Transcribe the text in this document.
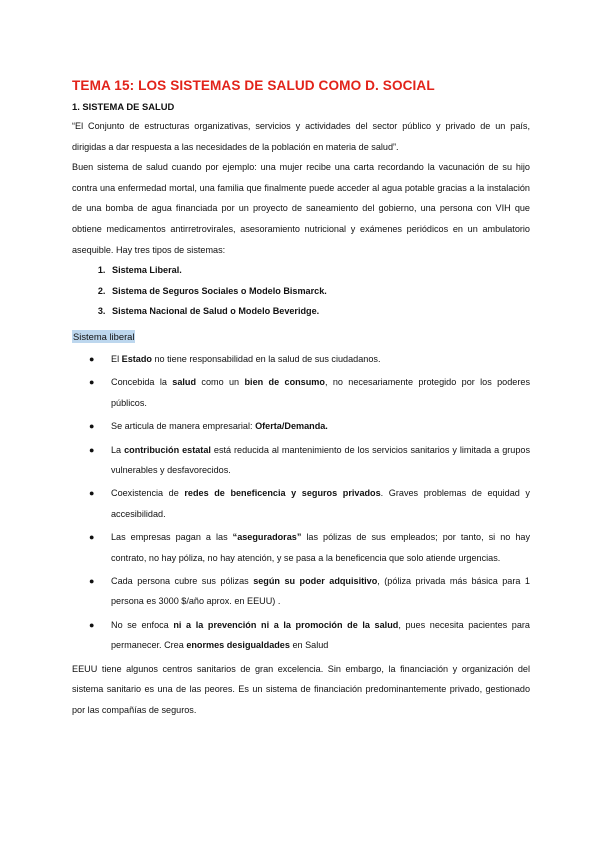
TEMA 15: LOS SISTEMAS DE SALUD COMO D. SOCIAL
1. SISTEMA DE SALUD

“El Conjunto de estructuras organizativas, servicios y actividades del sector público y privado de un país, dirigidas a dar respuesta a las necesidades de la población en materia de salud”.

Buen sistema de salud cuando por ejemplo: una mujer recibe una carta recordando la vacunación de su hijo contra una enfermedad mortal, una familia que finalmente puede acceder al agua potable gracias a la instalación de una bomba de agua financiada por un proyecto de saneamiento del gobierno, una persona con VIH que obtiene medicamentos antirretrovirales, asesoramiento nutricional y exámenes periódicos en un ambulatorio asequible. Hay tres tipos de sistemas:

1. Sistema Liberal.
2. Sistema de Seguros Sociales o Modelo Bismarck.
3. Sistema Nacional de Salud o Modelo Beveridge.
Sistema liberal
● El Estado no tiene responsabilidad en la salud de sus ciudadanos.
● Concebida la salud como un bien de consumo, no necesariamente protegido por los poderes públicos.
● Se articula de manera empresarial: Oferta/Demanda.
● La contribución estatal está reducida al mantenimiento de los servicios sanitarios y limitada a grupos vulnerables y desfavorecidos.
● Coexistencia de redes de beneficencia y seguros privados. Graves problemas de equidad y accesibilidad.
● Las empresas pagan a las “aseguradoras” las pólizas de sus empleados; por tanto, si no hay contrato, no hay póliza, no hay atención, y se pasa a la beneficencia que solo atiende urgencias.
● Cada persona cubre sus pólizas según su poder adquisitivo, (póliza privada más básica para 1 persona es 3000 $/año aprox. en EEUU) .
● No se enfoca ni a la prevención ni a la promoción de la salud, pues necesita pacientes para permanecer. Crea enormes desigualdades en Salud

EEUU tiene algunos centros sanitarios de gran excelencia. Sin embargo, la financiación y organización del sistema sanitario es una de las peores. Es un sistema de financiación predominantemente privado, gestionado por las compañías de seguros.
